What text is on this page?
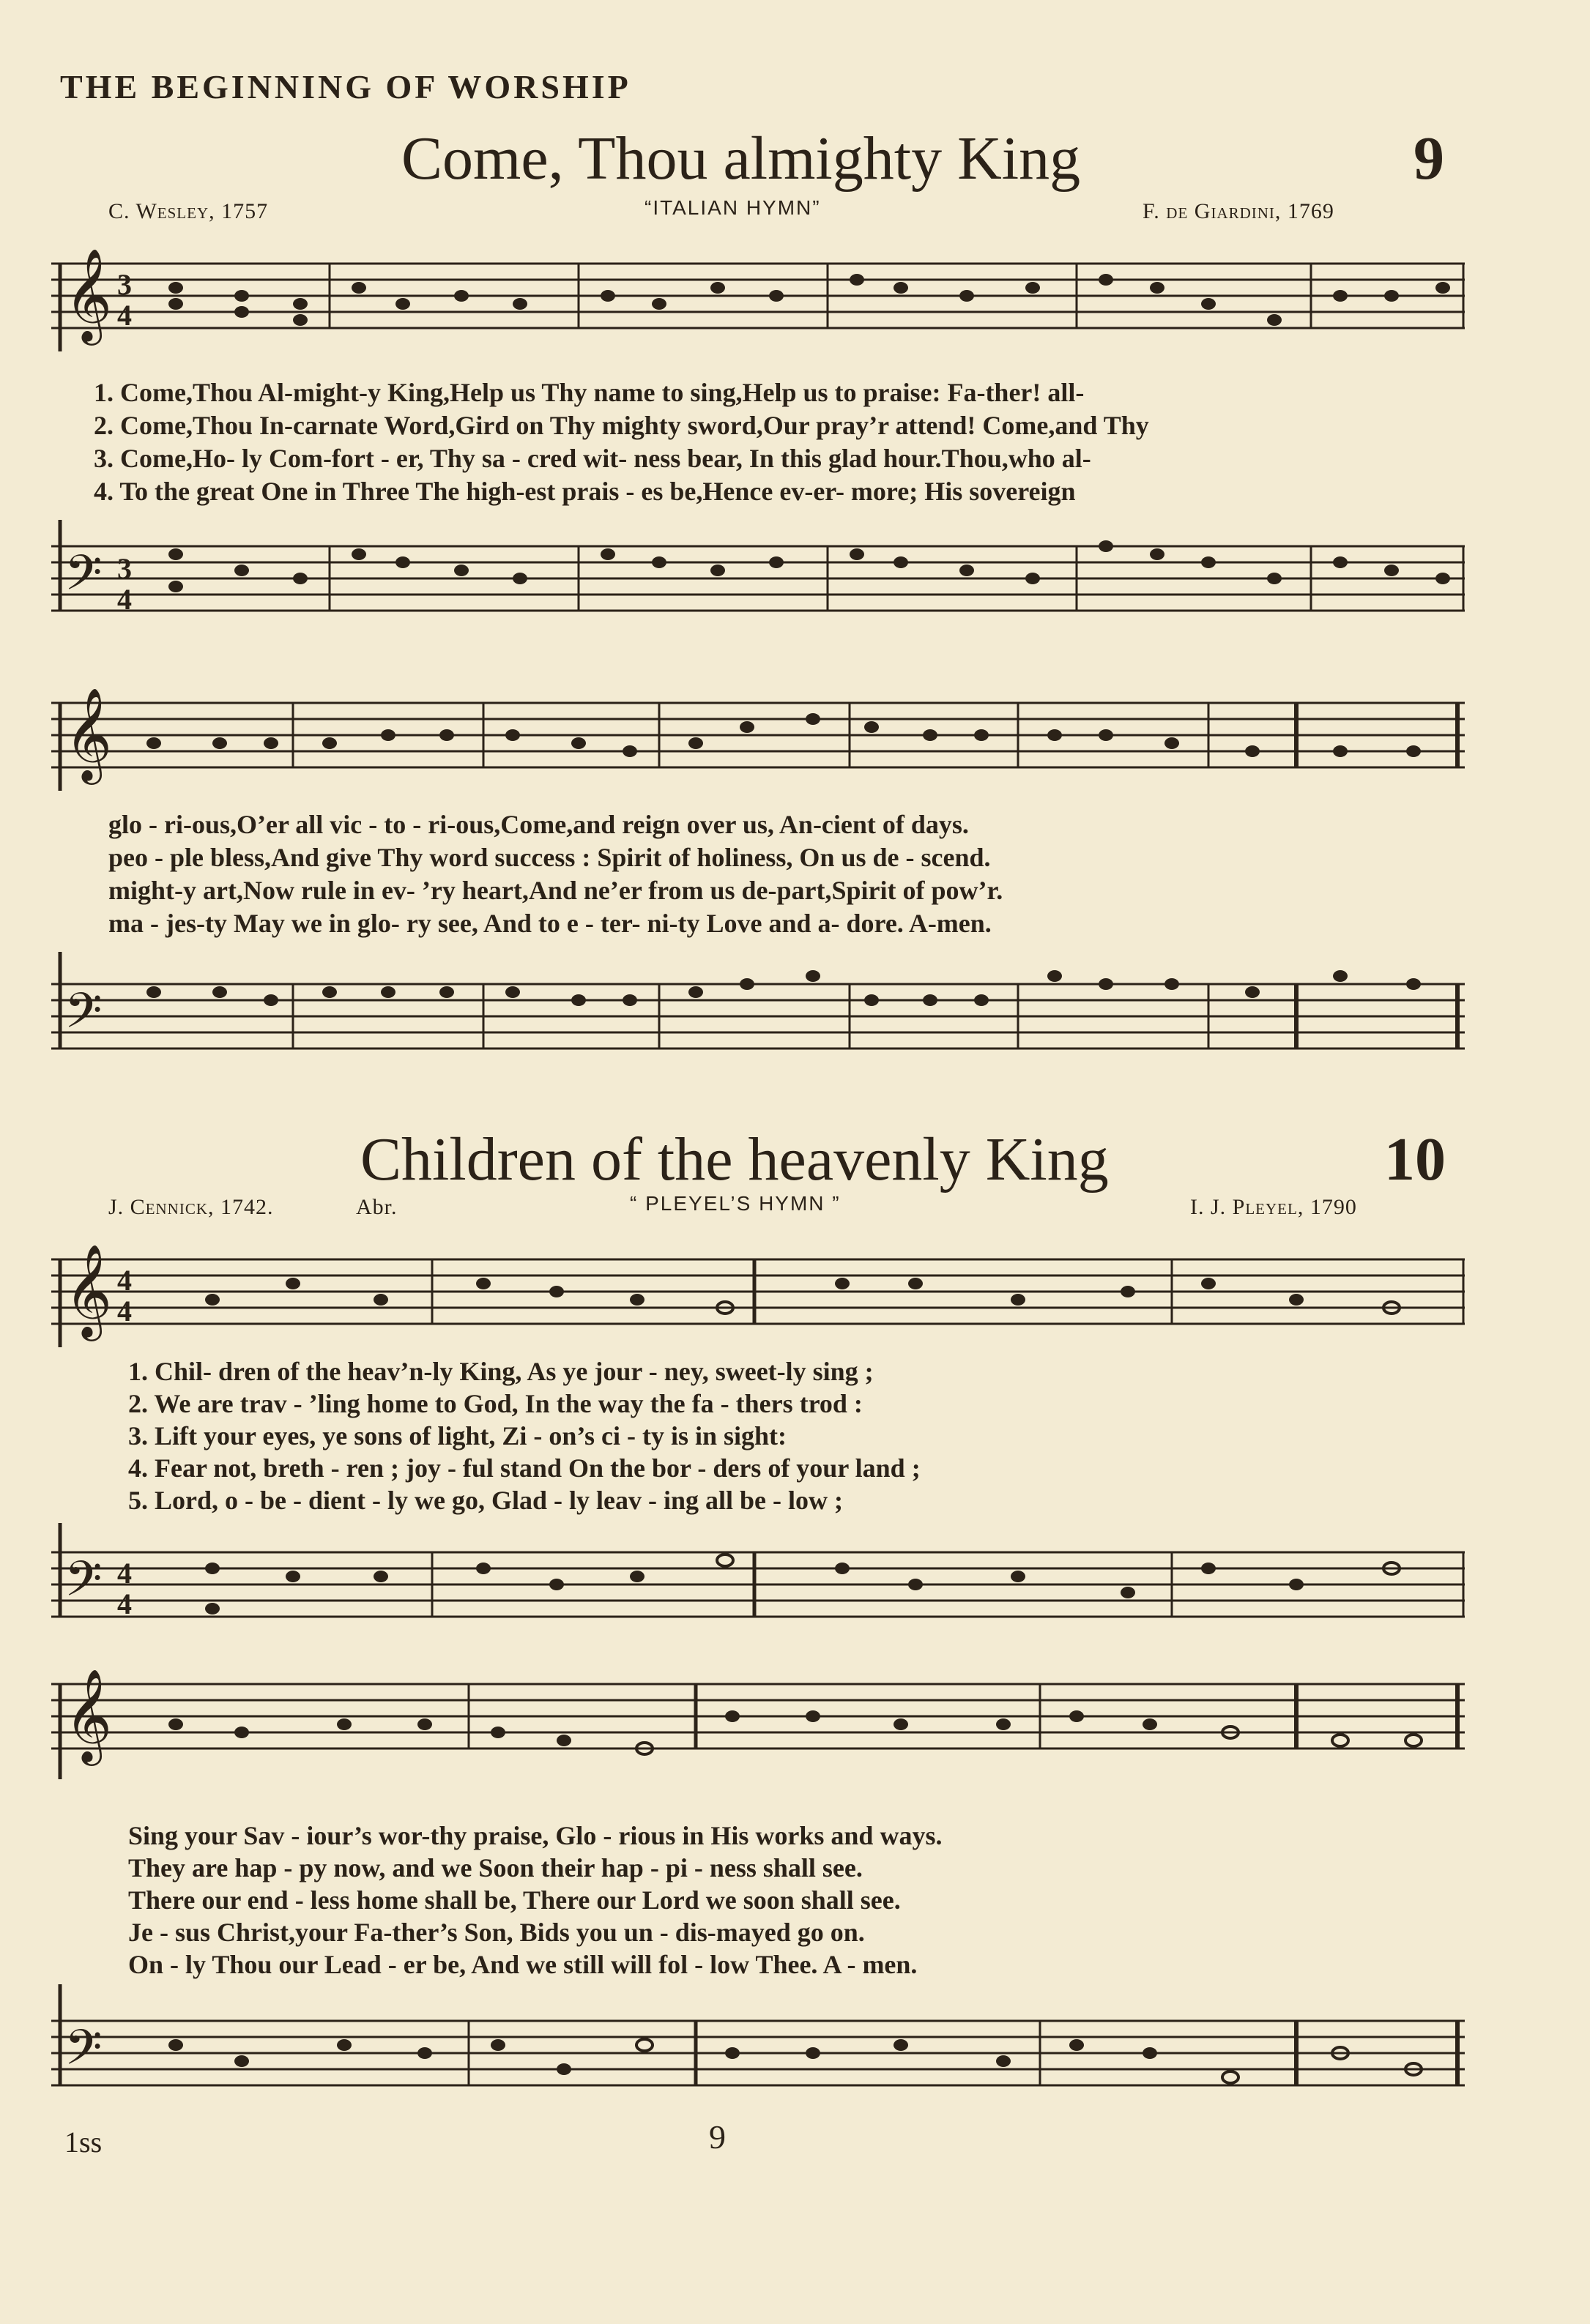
THE BEGINNING OF WORSHIP
Come, Thou almighty King	9
C. Wesley, 1757	“ITALIAN HYMN”	F. de Giardini, 1769
𝄞 3
4
1. Come,Thou Al-might-y King,Help us Thy name to sing,Help us to praise: Fa-ther! all-
2. Come,Thou In-carnate Word,Gird on Thy mighty sword,Our pray’r attend! Come,and Thy
3. Come,Ho- ly Com-fort - er, Thy sa - cred wit- ness bear, In this glad hour.Thou,who al-
4. To the great One in Three The high-est prais - es be,Hence ev-er- more; His sovereign
𝄢 3
4
𝄞
glo - ri-ous,O’er all vic - to - ri-ous,Come,and reign over us, An-cient of days.
peo - ple bless,And give Thy word success : Spirit of holiness, On us de - scend.
might-y art,Now rule in ev- ’ry heart,And ne’er from us de-part,Spirit of pow’r.
ma - jes-ty May we in glo- ry see, And to e - ter- ni-ty Love and a- dore. A-men.
𝄢
Children of the heavenly King	10
J. Cennick, 1742.	Abr.	“ PLEYEL’S HYMN ”	I. J. Pleyel, 1790
𝄞 4
4
1. Chil- dren of the heav’n-ly King, As ye jour - ney, sweet-ly sing ;
2. We are trav - ’ling home to God, In the way the fa - thers trod :
3. Lift your eyes, ye sons of light, Zi - on’s ci - ty is in sight:
4. Fear not, breth - ren ; joy - ful stand On the bor - ders of your land ;
5. Lord, o - be - dient - ly we go, Glad - ly leav - ing all be - low ;
𝄢 4
4
𝄞
Sing your Sav - iour’s wor-thy praise, Glo - rious in His works and ways.
They are hap - py now, and we Soon their hap - pi - ness shall see.
There our end - less home shall be, There our Lord we soon shall see.
Je - sus Christ,your Fa-ther’s Son, Bids you un - dis-mayed go on.
On - ly Thou our Lead - er be, And we still will fol - low Thee. A - men.
𝄢
1ss	9
